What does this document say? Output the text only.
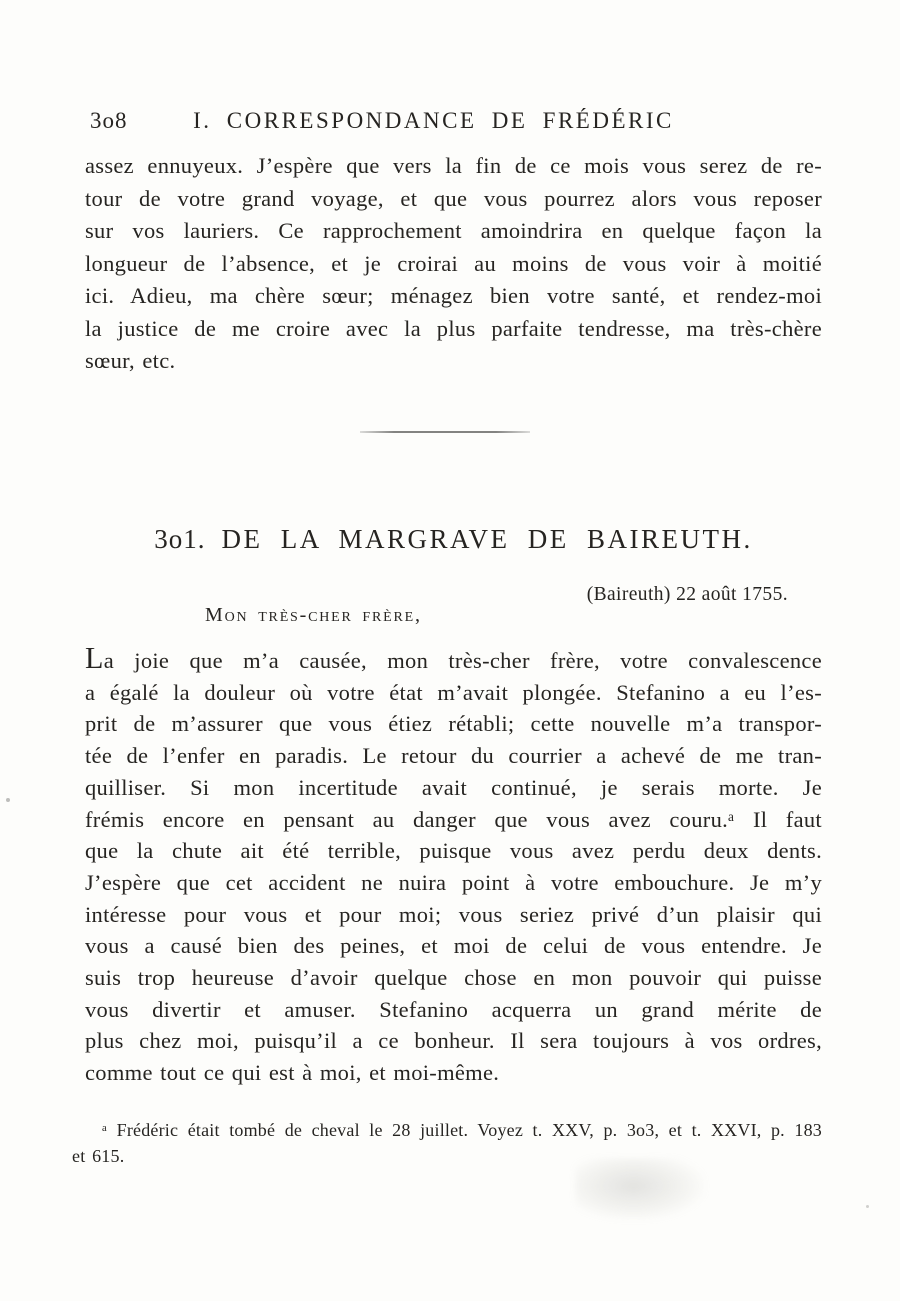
3o8	I. CORRESPONDANCE DE FRÉDÉRIC
assez ennuyeux. J’espère que vers la fin de ce mois vous serez de re-
tour de votre grand voyage, et que vous pourrez alors vous reposer
sur vos lauriers. Ce rapprochement amoindrira en quelque façon la
longueur de l’absence, et je croirai au moins de vous voir à moitié
ici. Adieu, ma chère sœur; ménagez bien votre santé, et rendez-moi
la justice de me croire avec la plus parfaite tendresse, ma très-chère
sœur, etc.
3o1. DE LA MARGRAVE DE BAIREUTH.
(Baireuth) 22 août 1755.
Mon très-cher frère,
La joie que m’a causée, mon très-cher frère, votre convalescence
a égalé la douleur où votre état m’avait plongée. Stefanino a eu l’es-
prit de m’assurer que vous étiez rétabli; cette nouvelle m’a transpor-
tée de l’enfer en paradis. Le retour du courrier a achevé de me tran-
quilliser. Si mon incertitude avait continué, je serais morte. Je
frémis encore en pensant au danger que vous avez couru.ᵃ Il faut
que la chute ait été terrible, puisque vous avez perdu deux dents.
J’espère que cet accident ne nuira point à votre embouchure. Je m’y
intéresse pour vous et pour moi; vous seriez privé d’un plaisir qui
vous a causé bien des peines, et moi de celui de vous entendre. Je
suis trop heureuse d’avoir quelque chose en mon pouvoir qui puisse
vous divertir et amuser. Stefanino acquerra un grand mérite de
plus chez moi, puisqu’il a ce bonheur. Il sera toujours à vos ordres,
comme tout ce qui est à moi, et moi-même.
ᵃ Frédéric était tombé de cheval le 28 juillet. Voyez t. XXV, p. 3o3, et t. XXVI, p. 183
et 615.
